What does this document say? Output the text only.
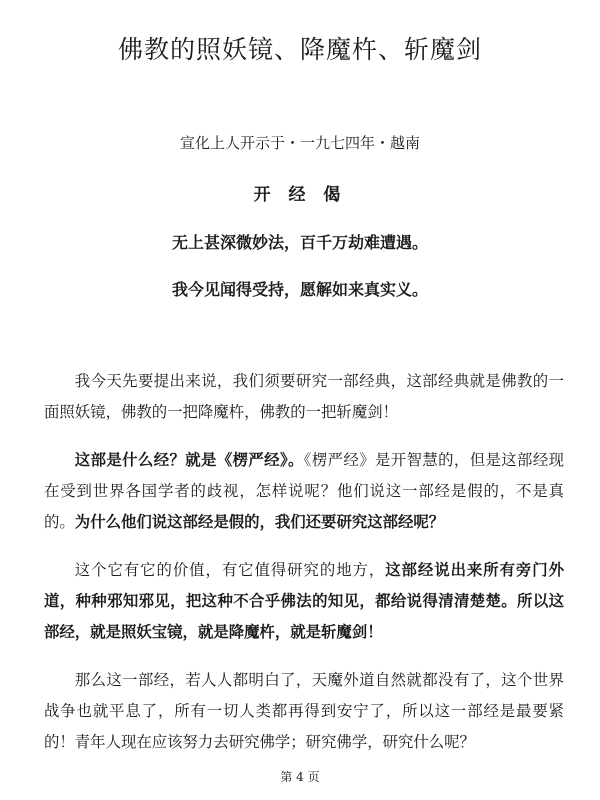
佛教的照妖镜、降魔杵、斩魔剑
宣化上人开示于・一九七四年・越南
开 经 偈
无上甚深微妙法，百千万劫难遭遇。
我今见闻得受持，愿解如来真实义。

我今天先要提出来说，我们须要研究一部经典，这部经典就是佛教的一面照妖镜，佛教的一把降魔杵，佛教的一把斩魔剑！

这部是什么经？就是《楞严经》。《楞严经》是开智慧的，但是这部经现在受到世界各国学者的歧视，怎样说呢？他们说这一部经是假的，不是真的。为什么他们说这部经是假的，我们还要研究这部经呢？

这个它有它的价值，有它值得研究的地方，这部经说出来所有旁门外道，种种邪知邪见，把这种不合乎佛法的知见，都给说得清清楚楚。所以这部经，就是照妖宝镜，就是降魔杵，就是斩魔剑！

那么这一部经，若人人都明白了，天魔外道自然就都没有了，这个世界战争也就平息了，所有一切人类都再得到安宁了，所以这一部经是最要紧的！青年人现在应该努力去研究佛学；研究佛学，研究什么呢？

第 4 页
